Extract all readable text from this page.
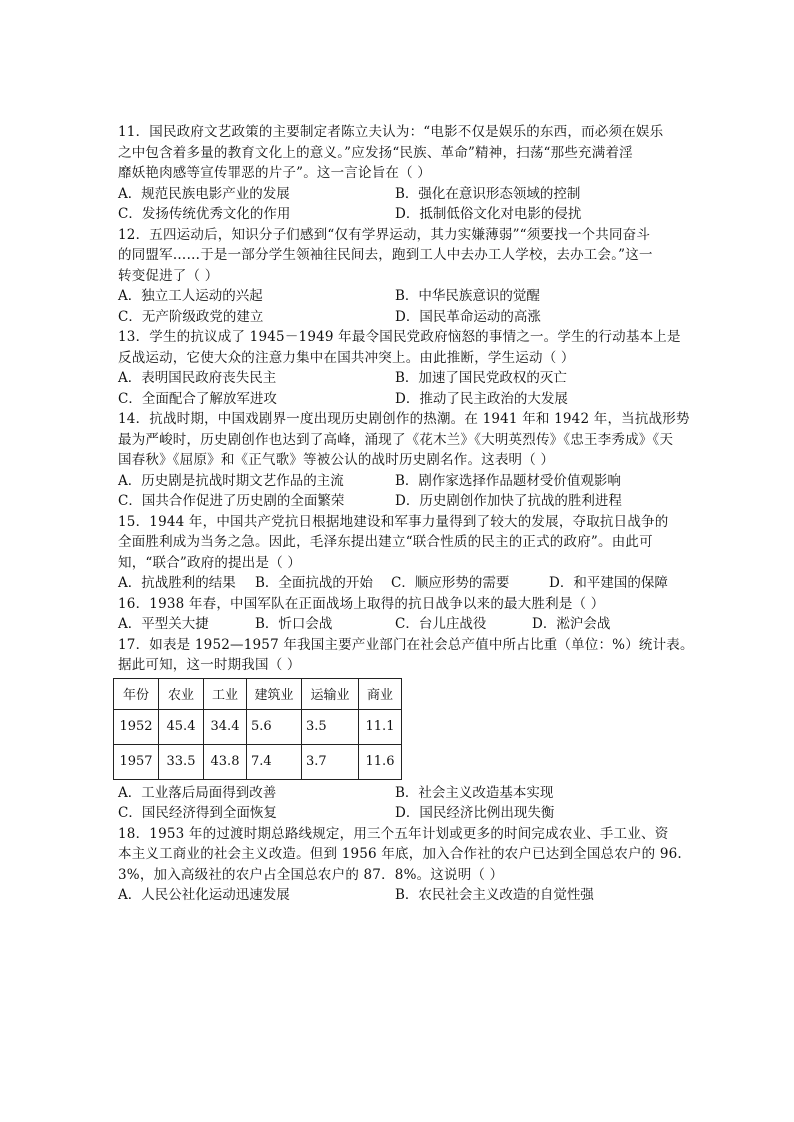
11．国民政府文艺政策的主要制定者陈立夫认为：“电影不仅是娱乐的东西，而必须在娱乐
之中包含着多量的教育文化上的意义。”应发扬“民族、革命”精神，扫荡“那些充满着淫
靡妖艳肉感等宣传罪恶的片子”。这一言论旨在（ ）
A．规范民族电影产业的发展	B．强化在意识形态领域的控制
C．发扬传统优秀文化的作用	D．抵制低俗文化对电影的侵扰
12．五四运动后，知识分子们感到“仅有学界运动，其力实嫌薄弱”“须要找一个共同奋斗
的同盟军……于是一部分学生领袖往民间去，跑到工人中去办工人学校，去办工会。”这一
转变促进了（ ）
A．独立工人运动的兴起	B．中华民族意识的觉醒
C．无产阶级政党的建立	D．国民革命运动的高涨
13．学生的抗议成了 1945－1949 年最令国民党政府恼怒的事情之一。学生的行动基本上是
反战运动，它使大众的注意力集中在国共冲突上。由此推断，学生运动（ ）
A．表明国民政府丧失民主	B．加速了国民党政权的灭亡
C．全面配合了解放军进攻	D．推动了民主政治的大发展
14．抗战时期，中国戏剧界一度出现历史剧创作的热潮。在 1941 年和 1942 年，当抗战形势
最为严峻时，历史剧创作也达到了高峰，涌现了《花木兰》《大明英烈传》《忠王李秀成》《天
国春秋》《屈原》和《正气歌》等被公认的战时历史剧名作。这表明（ ）
A．历史剧是抗战时期文艺作品的主流	B．剧作家选择作品题材受价值观影响
C．国共合作促进了历史剧的全面繁荣	D．历史剧创作加快了抗战的胜利进程
15．1944 年，中国共产党抗日根据地建设和军事力量得到了较大的发展，夺取抗日战争的
全面胜利成为当务之急。因此，毛泽东提出建立“联合性质的民主的正式的政府”。由此可
知，“联合”政府的提出是（ ）
A．抗战胜利的结果	B．全面抗战的开始	C．顺应形势的需要	D．和平建国的保障
16．1938 年春，中国军队在正面战场上取得的抗日战争以来的最大胜利是（ ）
A．平型关大捷	B．忻口会战	C．台儿庄战役	D．淞沪会战
17．如表是 1952—1957 年我国主要产业部门在社会总产值中所占比重（单位：%）统计表。
据此可知，这一时期我国（ ）
年份	农业	工业	建筑业	运输业	商业
1952	45.4	34.4	5.6	3.5	11.1
1957	33.5	43.8	7.4	3.7	11.6
A．工业落后局面得到改善	B．社会主义改造基本实现
C．国民经济得到全面恢复	D．国民经济比例出现失衡
18．1953 年的过渡时期总路线规定，用三个五年计划或更多的时间完成农业、手工业、资
本主义工商业的社会主义改造。但到 1956 年底，加入合作社的农户已达到全国总农户的 96.
3%，加入高级社的农户占全国总农户的 87．8%。这说明（ ）
A．人民公社化运动迅速发展	B．农民社会主义改造的自觉性强
